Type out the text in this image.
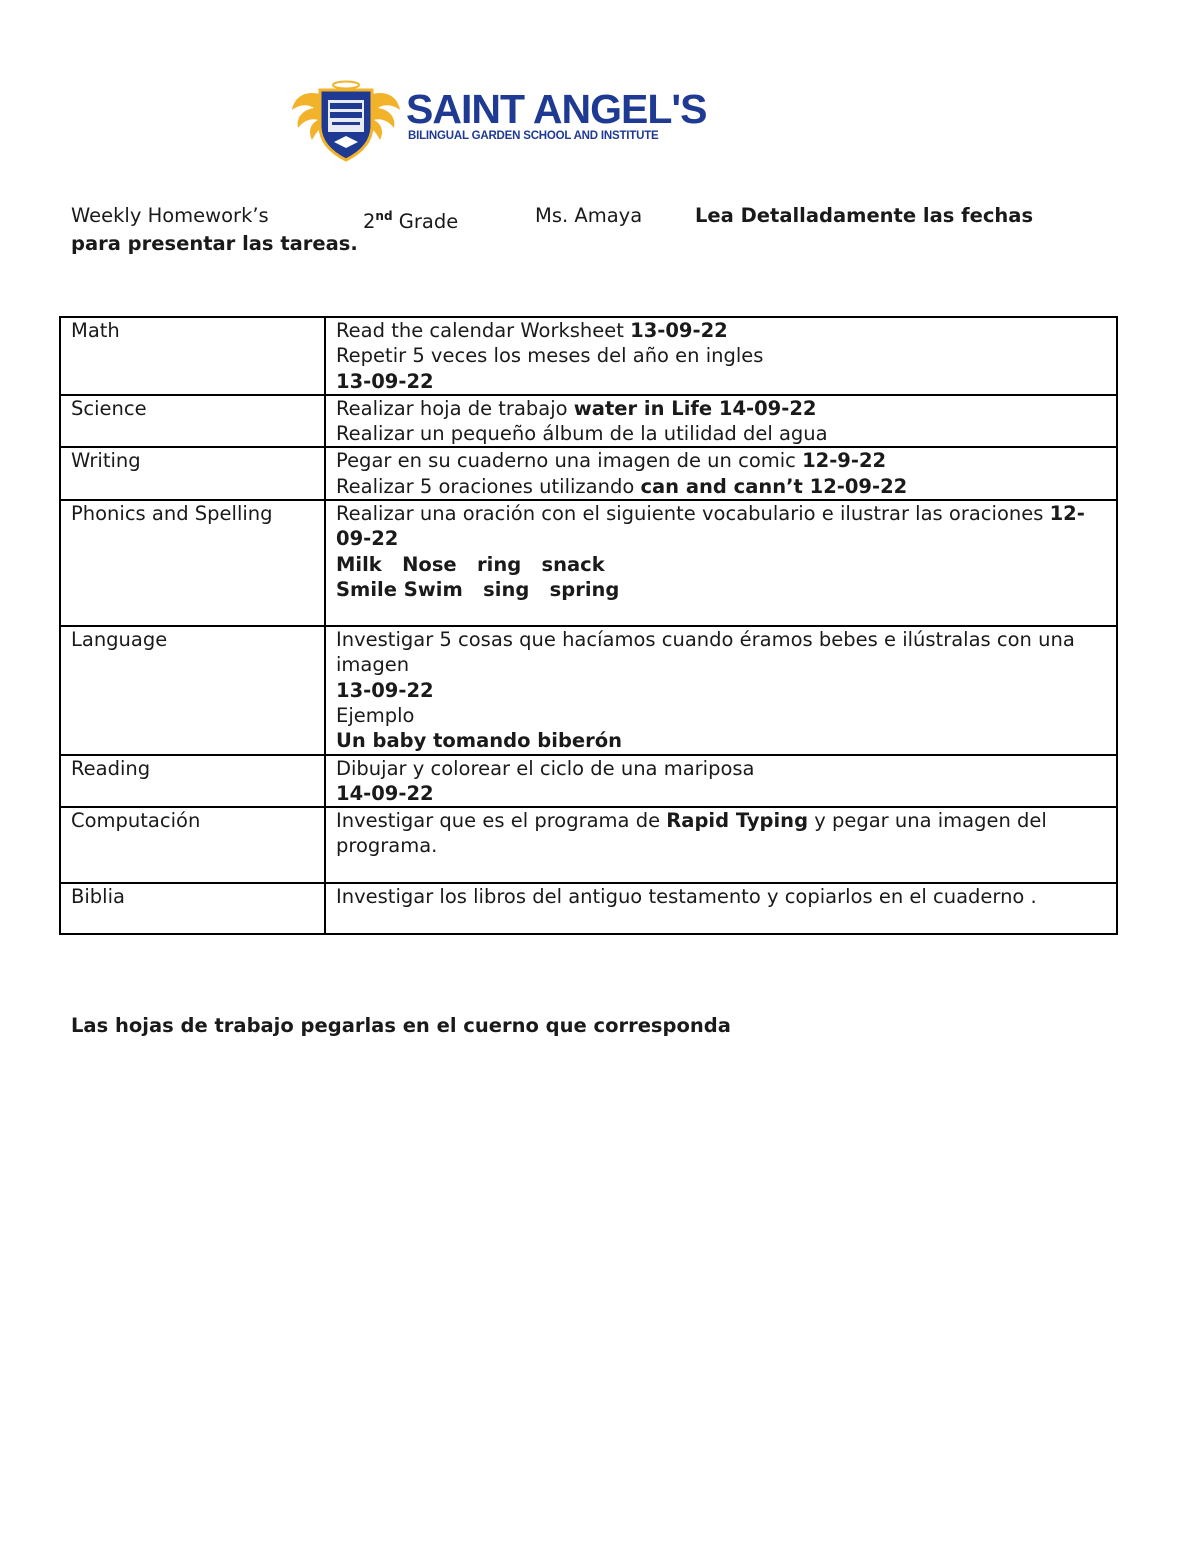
SAINT ANGEL'S
BILINGUAL GARDEN SCHOOL AND INSTITUTE
Weekly Homework’s	2nd Grade	Ms. Amaya	Lea Detalladamente las fechas
para presentar las tareas.
Math	Read the calendar Worksheet 13-09-22
Repetir 5 veces los meses del año en ingles
13-09-22

Science	Realizar hoja de trabajo water in Life 14-09-22
Realizar un pequeño álbum de la utilidad del agua

Writing	Pegar en su cuaderno una imagen de un comic 12-9-22
Realizar 5 oraciones utilizando can and cann’t 12-09-22

Phonics and Spelling	Realizar una oración con el siguiente vocabulario e ilustrar las oraciones 12-09-22
Milk   Nose   ring   snack
Smile Swim   sing   spring

Language	Investigar 5 cosas que hacíamos cuando éramos bebes e ilústralas con una imagen
13-09-22
Ejemplo
Un baby tomando biberón

Reading	Dibujar y colorear el ciclo de una mariposa
14-09-22

Computación	Investigar que es el programa de Rapid Typing y pegar una imagen del programa.

Biblia	Investigar los libros del antiguo testamento y copiarlos en el cuaderno .
Las hojas de trabajo pegarlas en el cuerno que corresponda
